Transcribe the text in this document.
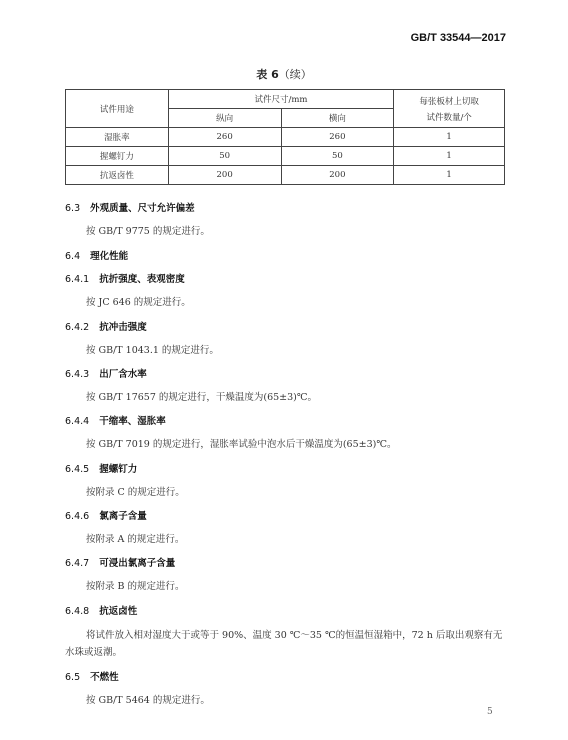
GB/T 33544—2017
表 6（续）
试件用途	试件尺寸/mm		每张板材上切取
试件数量/个

	纵向	横向	
湿胀率	260	260	1
握螺钉力	50	50	1
抗返卤性	200	200	1
6.3 外观质量、尺寸允许偏差
按 GB/T 9775 的规定进行。
6.4 理化性能
6.4.1 抗折强度、表观密度
按 JC 646 的规定进行。
6.4.2 抗冲击强度
按 GB/T 1043.1 的规定进行。
6.4.3 出厂含水率
按 GB/T 17657 的规定进行，干燥温度为(65±3)℃。
6.4.4 干缩率、湿胀率
按 GB/T 7019 的规定进行，湿胀率试验中泡水后干燥温度为(65±3)℃。
6.4.5 握螺钉力
按附录 C 的规定进行。
6.4.6 氯离子含量
按附录 A 的规定进行。
6.4.7 可浸出氯离子含量
按附录 B 的规定进行。
6.4.8 抗返卤性
将试件放入相对湿度大于或等于 90%、温度 30 ℃～35 ℃的恒温恒湿箱中，72 h 后取出观察有无
水珠或返潮。
6.5 不燃性
按 GB/T 5464 的规定进行。
5
